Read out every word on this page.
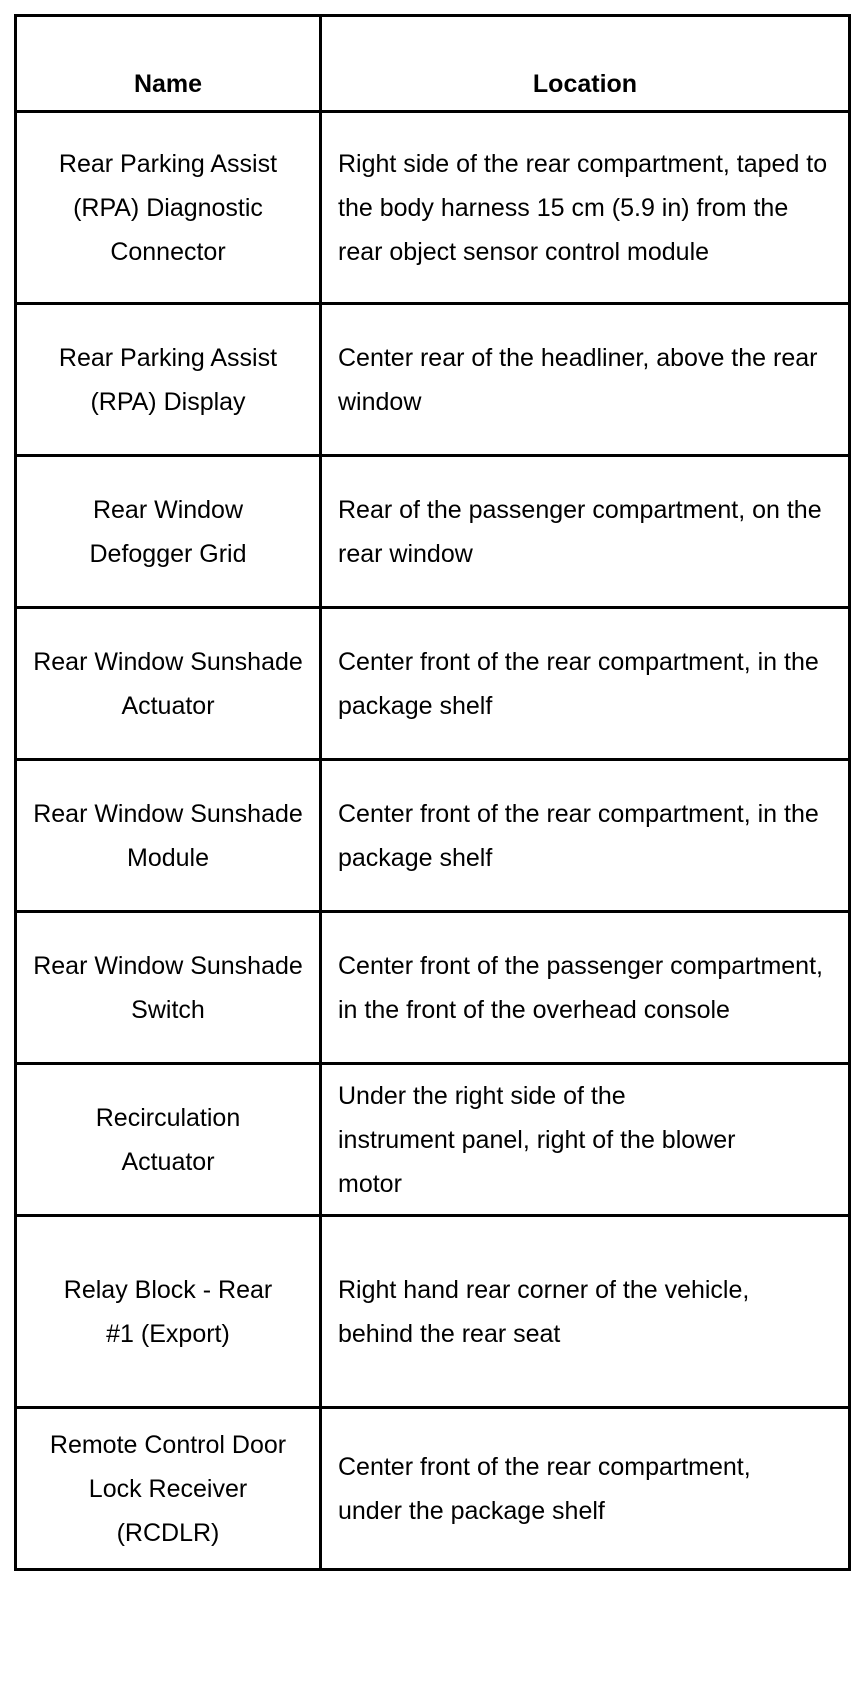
Name	Location

Rear Parking Assist (RPA) Diagnostic Connector	Right side of the rear compartment, taped to the body harness 15 cm (5.9 in) from the rear object sensor control module

Rear Parking Assist (RPA) Display	Center rear of the headliner, above the rear window

Rear Window Defogger Grid	Rear of the passenger compartment, on the rear window

Rear Window Sunshade Actuator	Center front of the rear compartment, in the package shelf

Rear Window Sunshade Module	Center front of the rear compartment, in the package shelf

Rear Window Sunshade Switch	Center front of the passenger compartment, in the front of the overhead console

Recirculation Actuator	Under the right side of the instrument panel, right of the blower motor

Relay Block - Rear #1 (Export)	Right hand rear corner of the vehicle, behind the rear seat

Remote Control Door Lock Receiver (RCDLR)	Center front of the rear compartment, under the package shelf
